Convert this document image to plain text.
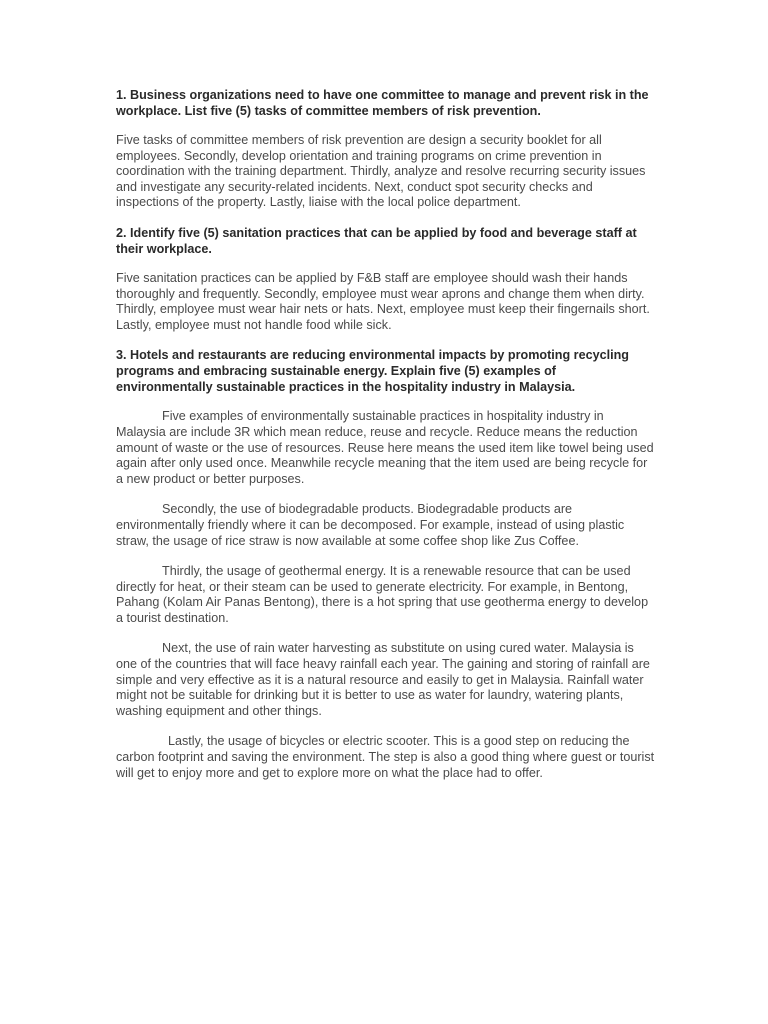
1. Business organizations need to have one committee to manage and prevent risk in the workplace. List five (5) tasks of committee members of risk prevention.

Five tasks of committee members of risk prevention are design a security booklet for all employees. Secondly, develop orientation and training programs on crime prevention in coordination with the training department. Thirdly, analyze and resolve recurring security issues and investigate any security-related incidents. Next, conduct spot security checks and inspections of the property. Lastly, liaise with the local police department.

2. Identify five (5) sanitation practices that can be applied by food and beverage staff at their workplace.

Five sanitation practices can be applied by F&B staff are employee should wash their hands thoroughly and frequently. Secondly, employee must wear aprons and change them when dirty. Thirdly, employee must wear hair nets or hats. Next, employee must keep their fingernails short. Lastly, employee must not handle food while sick.

3. Hotels and restaurants are reducing environmental impacts by promoting recycling programs and embracing sustainable energy. Explain five (5) examples of environmentally sustainable practices in the hospitality industry in Malaysia.

Five examples of environmentally sustainable practices in hospitality industry in Malaysia are include 3R which mean reduce, reuse and recycle. Reduce means the reduction amount of waste or the use of resources. Reuse here means the used item like towel being used again after only used once. Meanwhile recycle meaning that the item used are being recycle for a new product or better purposes.

Secondly, the use of biodegradable products. Biodegradable products are environmentally friendly where it can be decomposed. For example, instead of using plastic straw, the usage of rice straw is now available at some coffee shop like Zus Coffee.

Thirdly, the usage of geothermal energy. It is a renewable resource that can be used directly for heat, or their steam can be used to generate electricity. For example, in Bentong, Pahang (Kolam Air Panas Bentong), there is a hot spring that use geotherma energy to develop a tourist destination.

Next, the use of rain water harvesting as substitute on using cured water. Malaysia is one of the countries that will face heavy rainfall each year. The gaining and storing of rainfall are simple and very effective as it is a natural resource and easily to get in Malaysia. Rainfall water might not be suitable for drinking but it is better to use as water for laundry, watering plants, washing equipment and other things.

Lastly, the usage of bicycles or electric scooter. This is a good step on reducing the carbon footprint and saving the environment. The step is also a good thing where guest or tourist will get to enjoy more and get to explore more on what the place had to offer.
